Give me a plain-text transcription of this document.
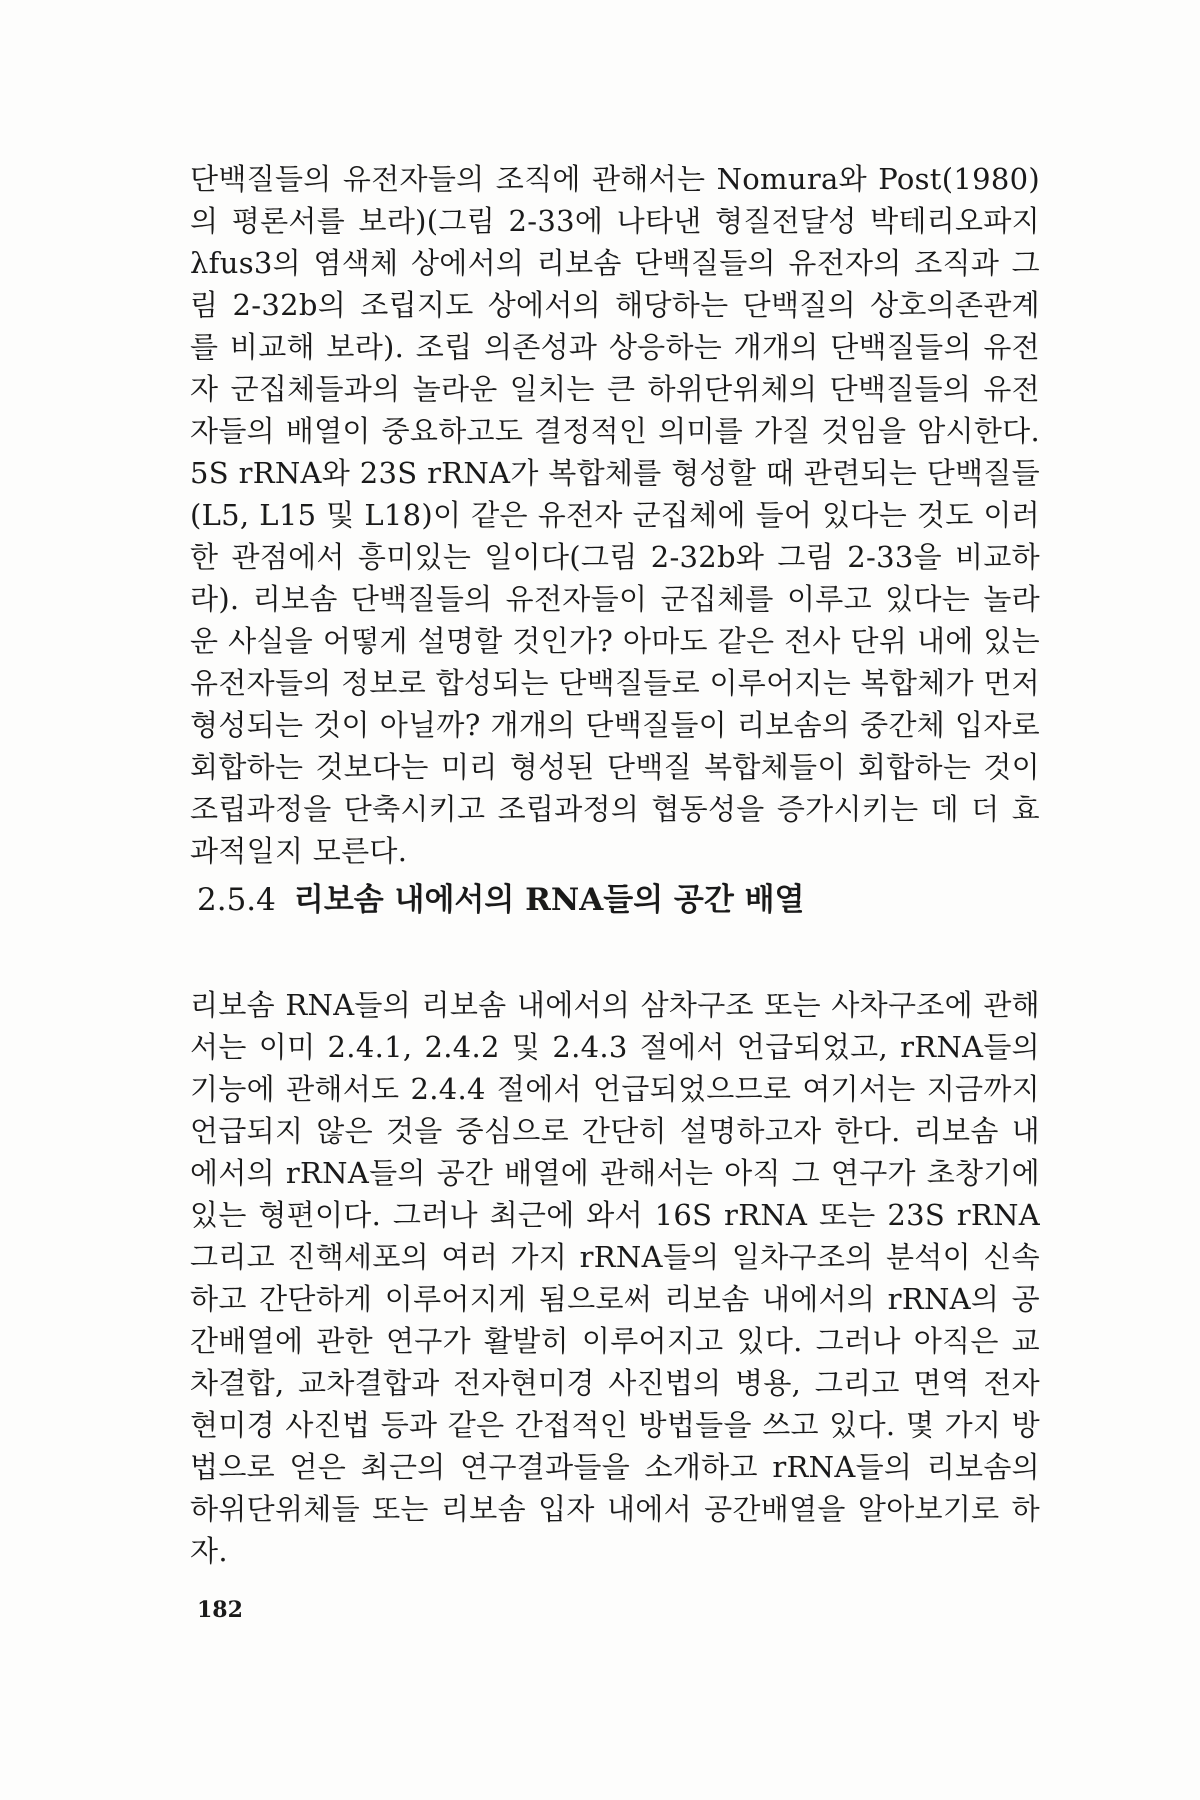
단백질들의 유전자들의 조직에 관해서는 Nomura와 Post(1980)의 평론서를 보라)(그림 2-33에 나타낸 형질전달성 박테리오파지 λfus3의 염색체 상에서의 리보솜 단백질들의 유전자의 조직과 그림 2-32b의 조립지도 상에서의 해당하는 단백질의 상호의존관계를 비교해 보라). 조립 의존성과 상응하는 개개의 단백질들의 유전자 군집체들과의 놀라운 일치는 큰 하위단위체의 단백질들의 유전자들의 배열이 중요하고도 결정적인 의미를 가질 것임을 암시한다. 5S rRNA와 23S rRNA가 복합체를 형성할 때 관련되는 단백질들(L5, L15 및 L18)이 같은 유전자 군집체에 들어 있다는 것도 이러한 관점에서 흥미있는 일이다(그림 2-32b와 그림 2-33을 비교하라). 리보솜 단백질들의 유전자들이 군집체를 이루고 있다는 놀라운 사실을 어떻게 설명할 것인가? 아마도 같은 전사 단위 내에 있는 유전자들의 정보로 합성되는 단백질들로 이루어지는 복합체가 먼저 형성되는 것이 아닐까? 개개의 단백질들이 리보솜의 중간체 입자로 회합하는 것보다는 미리 형성된 단백질 복합체들이 회합하는 것이 조립과정을 단축시키고 조립과정의 협동성을 증가시키는 데 더 효과적일지 모른다.

2.5.4 리보솜 내에서의 RNA들의 공간 배열

리보솜 RNA들의 리보솜 내에서의 삼차구조 또는 사차구조에 관해서는 이미 2.4.1, 2.4.2 및 2.4.3 절에서 언급되었고, rRNA들의 기능에 관해서도 2.4.4 절에서 언급되었으므로 여기서는 지금까지 언급되지 않은 것을 중심으로 간단히 설명하고자 한다. 리보솜 내에서의 rRNA들의 공간 배열에 관해서는 아직 그 연구가 초창기에 있는 형편이다. 그러나 최근에 와서 16S rRNA 또는 23S rRNA 그리고 진핵세포의 여러 가지 rRNA들의 일차구조의 분석이 신속하고 간단하게 이루어지게 됨으로써 리보솜 내에서의 rRNA의 공간배열에 관한 연구가 활발히 이루어지고 있다. 그러나 아직은 교차결합, 교차결합과 전자현미경 사진법의 병용, 그리고 면역 전자현미경 사진법 등과 같은 간접적인 방법들을 쓰고 있다. 몇 가지 방법으로 얻은 최근의 연구결과들을 소개하고 rRNA들의 리보솜의 하위단위체들 또는 리보솜 입자 내에서 공간배열을 알아보기로 하자.

182
